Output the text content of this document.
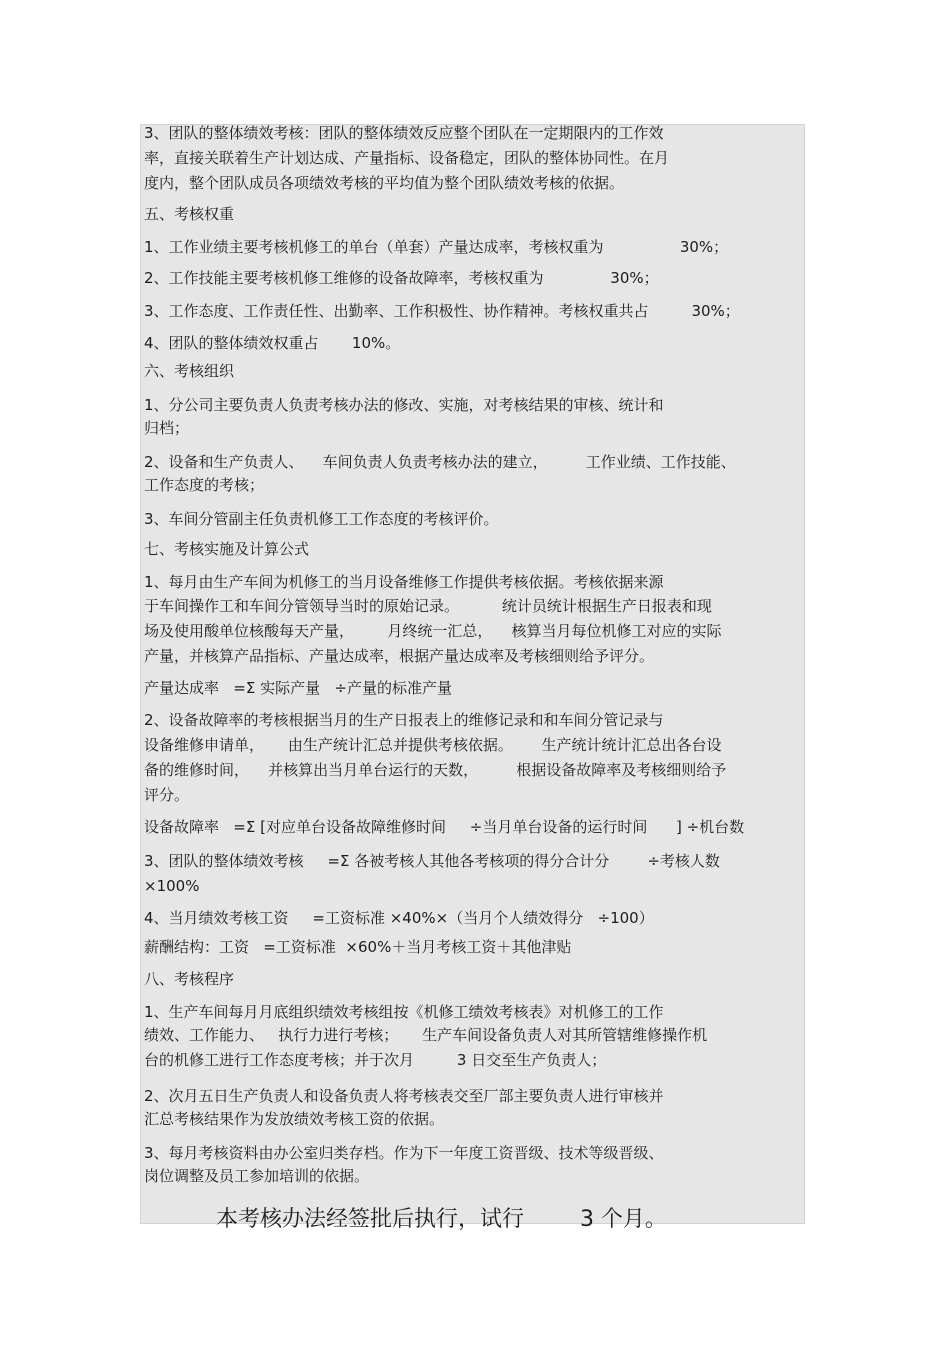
3、团队的整体绩效考核：团队的整体绩效反应整个团队在一定期限内的工作效
率，直接关联着生产计划达成、产量指标、设备稳定，团队的整体协同性。在月
度内，整个团队成员各项绩效考核的平均值为整个团队绩效考核的依据。
五、考核权重
1、工作业绩主要考核机修工的单台（单套）产量达成率，考核权重为                30%；
2、工作技能主要考核机修工维修的设备故障率，考核权重为              30%；
3、工作态度、工作责任性、出勤率、工作积极性、协作精神。考核权重共占         30%；
4、团队的整体绩效权重占       10%。
六、考核组织
1、分公司主要负责人负责考核办法的修改、实施，对考核结果的审核、统计和
归档；
2、设备和生产负责人、    车间负责人负责考核办法的建立，        工作业绩、工作技能、
工作态度的考核；
3、车间分管副主任负责机修工工作态度的考核评价。
七、考核实施及计算公式
1、每月由生产车间为机修工的当月设备维修工作提供考核依据。考核依据来源
于车间操作工和车间分管领导当时的原始记录。         统计员统计根据生产日报表和现
场及使用酸单位核酸每天产量，       月终统一汇总，    核算当月每位机修工对应的实际
产量，并核算产品指标、产量达成率，根据产量达成率及考核细则给予评分。
产量达成率   =Σ 实际产量   ÷产量的标准产量
2、设备故障率的考核根据当月的生产日报表上的维修记录和和车间分管记录与
设备维修申请单，     由生产统计汇总并提供考核依据。      生产统计统计汇总出各台设
备的维修时间，    并核算出当月单台运行的天数，        根据设备故障率及考核细则给予
评分。
设备故障率   =Σ [对应单台设备故障维修时间     ÷当月单台设备的运行时间      ] ÷机台数
3、团队的整体绩效考核     =Σ 各被考核人其他各考核项的得分合计分        ÷考核人数
×100%
4、当月绩效考核工资     =工资标准 ×40%×（当月个人绩效得分   ÷100）
薪酬结构：工资   =工资标准  ×60%＋当月考核工资＋其他津贴
八、考核程序
1、生产车间每月月底组织绩效考核组按《机修工绩效考核表》对机修工的工作
绩效、工作能力、   执行力进行考核；     生产车间设备负责人对其所管辖维修操作机
台的机修工进行工作态度考核；并于次月         3 日交至生产负责人；
2、次月五日生产负责人和设备负责人将考核表交至厂部主要负责人进行审核并
汇总考核结果作为发放绩效考核工资的依据。
3、每月考核资料由办公室归类存档。作为下一年度工资晋级、技术等级晋级、
岗位调整及员工参加培训的依据。
本考核办法经签批后执行，试行        3 个月。
